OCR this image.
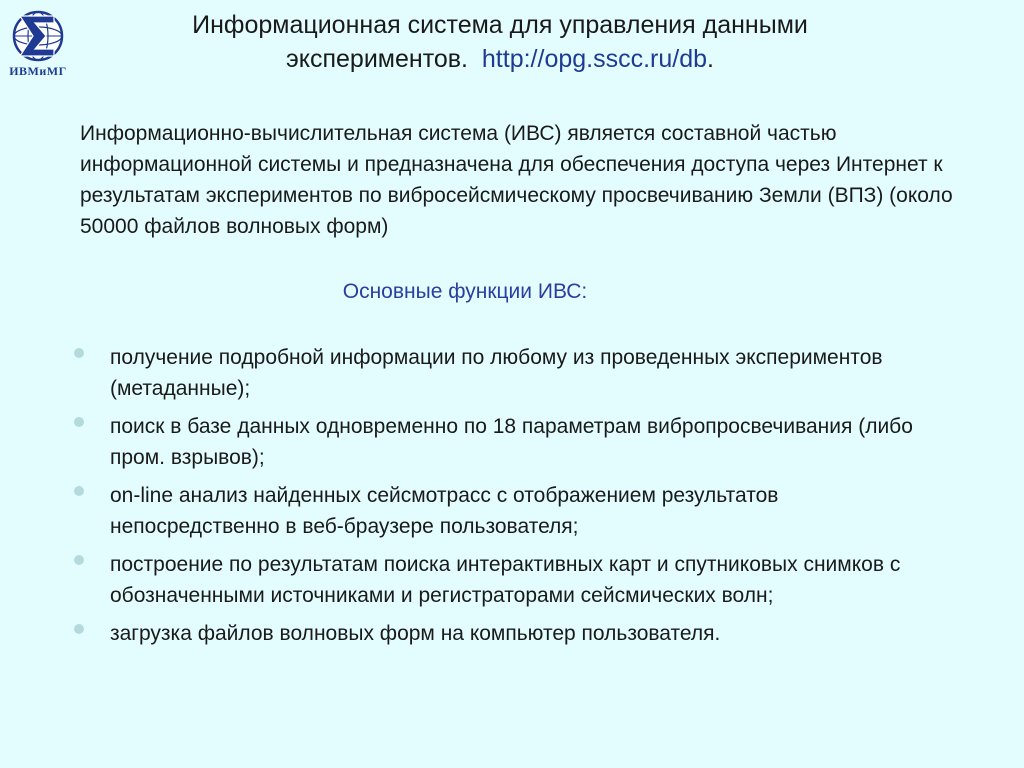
ИВМиМГ
Информационная система для управления данными
экспериментов. http://opg.sscc.ru/db.
Информационно-вычислительная система (ИВС) является составной частью информационной системы и предназначена для обеспечения доступа через Интернет к результатам экспериментов по вибросейсмическому просвечиванию Земли (ВПЗ) (около 50000 файлов волновых форм)
Основные функции ИВС:
получение подробной информации по любому из проведенных экспериментов (метаданные);
поиск в базе данных одновременно по 18 параметрам вибропросвечивания (либо пром. взрывов);
on-line анализ найденных сейсмотрасс с отображением результатов непосредственно в веб-браузере пользователя;
построение по результатам поиска интерактивных карт и спутниковых снимков с обозначенными источниками и регистраторами сейсмических волн;
загрузка файлов волновых форм на компьютер пользователя.
